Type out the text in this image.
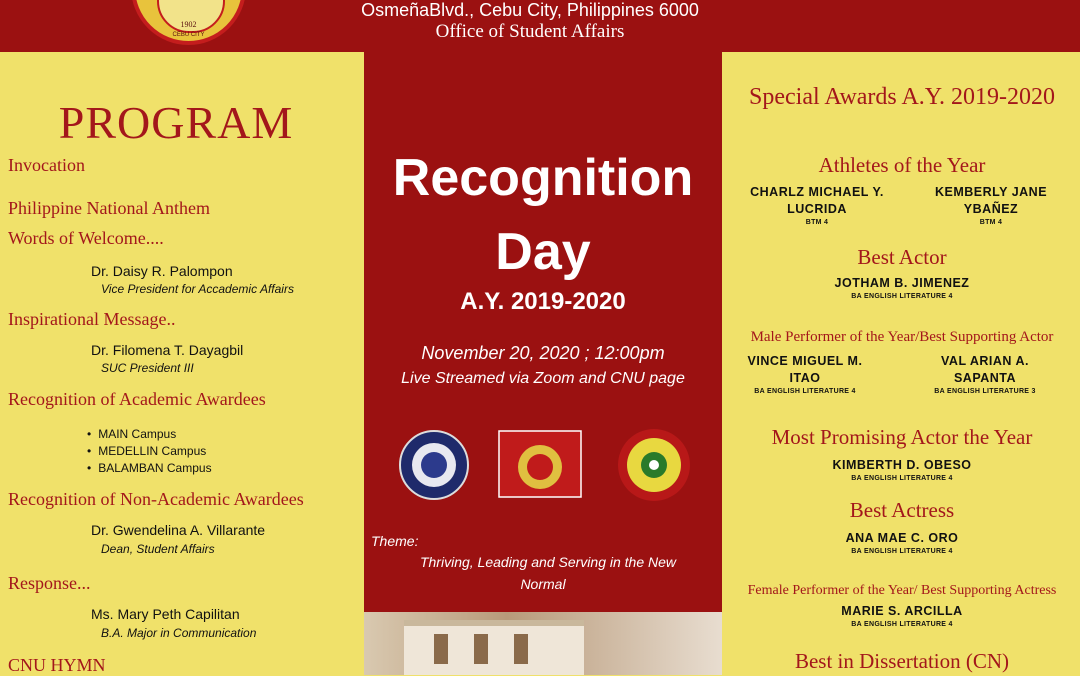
1902
CEBU CITY
OsmeñaBlvd., Cebu City, Philippines 6000
Office of Student Affairs
PROGRAM
Invocation
Philippine National Anthem
Words of Welcome....
Dr. Daisy R. Palompon
Vice President for Accademic Affairs
Inspirational Message..
Dr. Filomena T. Dayagbil
SUC President III
Recognition of Academic Awardees
• MAIN Campus
• MEDELLIN Campus
• BALAMBAN Campus
Recognition of Non-Academic Awardees
Dr. Gwendelina A. Villarante
Dean, Student Affairs
Response...
Ms. Mary Peth Capilitan
B.A. Major in Communication
CNU HYMN
Recognition
Day
A.Y. 2019-2020
November 20, 2020 ; 12:00pm
Live Streamed via Zoom and CNU page
Theme:
Thriving, Leading and Serving in the New
Normal
Special Awards A.Y. 2019-2020
Athletes of the Year
CHARLZ MICHAEL Y.
LUCRIDA
BTM 4
KEMBERLY JANE
YBAÑEZ
BTM 4
Best Actor
JOTHAM B. JIMENEZ
BA ENGLISH LITERATURE 4
Male Performer of the Year/Best Supporting Actor
VINCE MIGUEL M.
ITAO
BA ENGLISH LITERATURE 4
VAL ARIAN A.
SAPANTA
BA ENGLISH LITERATURE 3
Most Promising Actor the Year
KIMBERTH D. OBESO
BA ENGLISH LITERATURE 4
Best Actress
ANA MAE C. ORO
BA ENGLISH LITERATURE 4
Female Performer of the Year/ Best Supporting Actress
MARIE S. ARCILLA
BA ENGLISH LITERATURE 4
Best in Dissertation (CN)
